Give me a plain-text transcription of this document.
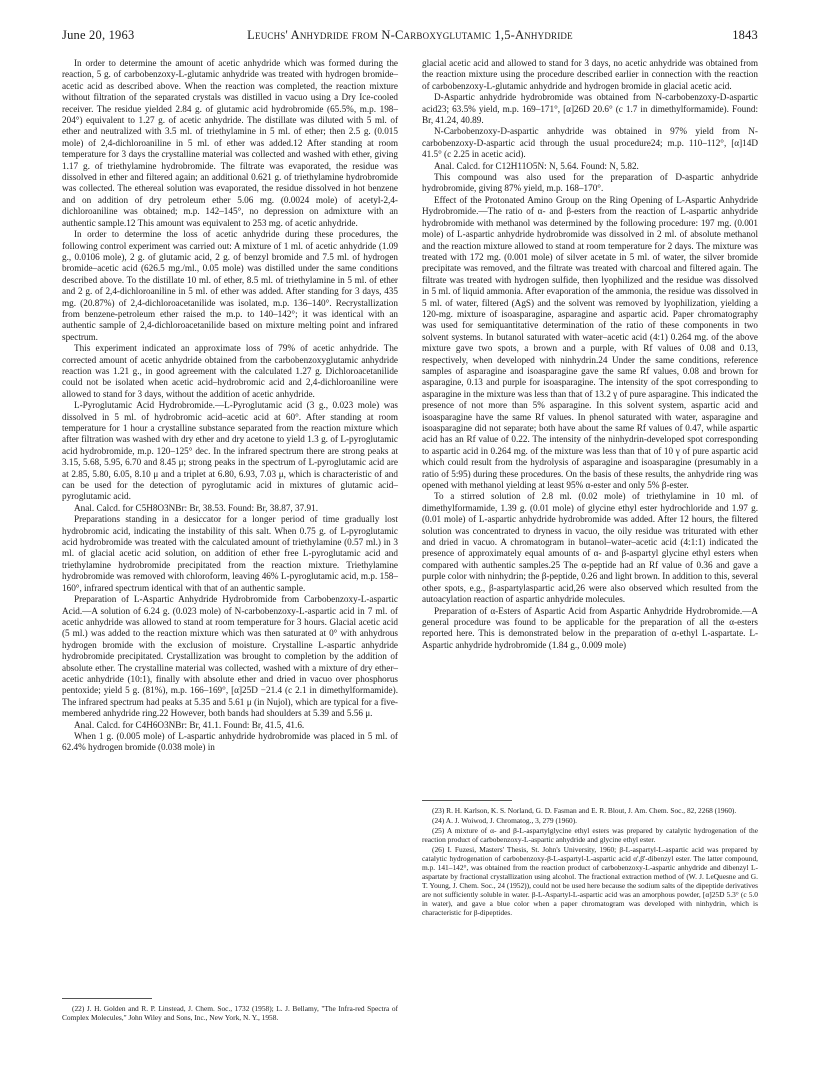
June 20, 1963	Leuchs' Anhydride from N-Carboxyglutamic 1,5-Anhydride	1843

In order to determine the amount of acetic anhydride which was formed during the reaction, 5 g. of carbobenzoxy-L-glutamic anhydride was treated with hydrogen bromide–acetic acid as described above. When the reaction was completed, the reaction mixture without filtration of the separated crystals was distilled in vacuo using a Dry Ice-cooled receiver. The residue yielded 2.84 g. of glutamic acid hydrobromide (65.5%, m.p. 198–204°) equivalent to 1.27 g. of acetic anhydride. The distillate was diluted with 5 ml. of ether and neutralized with 3.5 ml. of triethylamine in 5 ml. of ether; then 2.5 g. (0.015 mole) of 2,4-dichloroaniline in 5 ml. of ether was added.12 After standing at room temperature for 3 days the crystalline material was collected and washed with ether, giving 1.17 g. of triethylamine hydrobromide. The filtrate was evaporated, the residue was dissolved in ether and filtered again; an additional 0.621 g. of triethylamine hydrobromide was collected. The ethereal solution was evaporated, the residue dissolved in hot benzene and on addition of dry petroleum ether 5.06 mg. (0.0024 mole) of acetyl-2,4-dichloroaniline was obtained; m.p. 142–145°, no depression on admixture with an authentic sample.12 This amount was equivalent to 253 mg. of acetic anhydride.

In order to determine the loss of acetic anhydride during these procedures, the following control experiment was carried out: A mixture of 1 ml. of acetic anhydride (1.09 g., 0.0106 mole), 2 g. of glutamic acid, 2 g. of benzyl bromide and 7.5 ml. of hydrogen bromide–acetic acid (626.5 mg./ml., 0.05 mole) was distilled under the same conditions described above. To the distillate 10 ml. of ether, 8.5 ml. of triethylamine in 5 ml. of ether and 2 g. of 2,4-dichloroaniline in 5 ml. of ether was added. After standing for 3 days, 435 mg. (20.87%) of 2,4-dichloroacetanilide was isolated, m.p. 136–140°. Recrystallization from benzene-petroleum ether raised the m.p. to 140–142°; it was identical with an authentic sample of 2,4-dichloroacetanilide based on mixture melting point and infrared spectrum.

This experiment indicated an approximate loss of 79% of acetic anhydride. The corrected amount of acetic anhydride obtained from the carbobenzoxyglutamic anhydride reaction was 1.21 g., in good agreement with the calculated 1.27 g. Dichloroacetanilide could not be isolated when acetic acid–hydrobromic acid and 2,4-dichloroaniline were allowed to stand for 3 days, without the addition of acetic anhydride.

L-Pyroglutamic Acid Hydrobromide.—L-Pyroglutamic acid (3 g., 0.023 mole) was dissolved in 5 ml. of hydrobromic acid–acetic acid at 60°. After standing at room temperature for 1 hour a crystalline substance separated from the reaction mixture which after filtration was washed with dry ether and dry acetone to yield 1.3 g. of L-pyroglutamic acid hydrobromide, m.p. 120–125° dec. In the infrared spectrum there are strong peaks at 3.15, 5.68, 5.95, 6.70 and 8.45 μ; strong peaks in the spectrum of L-pyroglutamic acid are at 2.85, 5.80, 6.05, 8.10 μ and a triplet at 6.80, 6.93, 7.03 μ, which is characteristic of and can be used for the detection of pyroglutamic acid in mixtures of glutamic acid–pyroglutamic acid.

Anal. Calcd. for C5H8O3NBr: Br, 38.53. Found: Br, 38.87, 37.91.

Preparations standing in a desiccator for a longer period of time gradually lost hydrobromic acid, indicating the instability of this salt. When 0.75 g. of L-pyroglutamic acid hydrobromide was treated with the calculated amount of triethylamine (0.57 ml.) in 3 ml. of glacial acetic acid solution, on addition of ether free L-pyroglutamic acid and triethylamine hydrobromide precipitated from the reaction mixture. Triethylamine hydrobromide was removed with chloroform, leaving 46% L-pyroglutamic acid, m.p. 158–160°, infrared spectrum identical with that of an authentic sample.

Preparation of L-Aspartic Anhydride Hydrobromide from Carbobenzoxy-L-aspartic Acid.—A solution of 6.24 g. (0.023 mole) of N-carbobenzoxy-L-aspartic acid in 7 ml. of acetic anhydride was allowed to stand at room temperature for 3 hours. Glacial acetic acid (5 ml.) was added to the reaction mixture which was then saturated at 0° with anhydrous hydrogen bromide with the exclusion of moisture. Crystalline L-aspartic anhydride hydrobromide precipitated. Crystallization was brought to completion by the addition of absolute ether. The crystalline material was collected, washed with a mixture of dry ether–acetic anhydride (10:1), finally with absolute ether and dried in vacuo over phosphorus pentoxide; yield 5 g. (81%), m.p. 166–169°, [α]25D −21.4 (c 2.1 in dimethylformamide). The infrared spectrum had peaks at 5.35 and 5.61 μ (in Nujol), which are typical for a five-membered anhydride ring.22 However, both bands had shoulders at 5.39 and 5.56 μ.

Anal. Calcd. for C4H6O3NBr: Br, 41.1. Found: Br, 41.5, 41.6.

When 1 g. (0.005 mole) of L-aspartic anhydride hydrobromide was placed in 5 ml. of 62.4% hydrogen bromide (0.038 mole) in

glacial acetic acid and allowed to stand for 3 days, no acetic anhydride was obtained from the reaction mixture using the procedure described earlier in connection with the reaction of carbobenzoxy-L-glutamic anhydride and hydrogen bromide in glacial acetic acid.

D-Aspartic anhydride hydrobromide was obtained from N-carbobenzoxy-D-aspartic acid23; 63.5% yield, m.p. 169–171°, [α]26D 20.6° (c 1.7 in dimethylformamide). Found: Br, 41.24, 40.89.

N-Carbobenzoxy-D-aspartic anhydride was obtained in 97% yield from N-carbobenzoxy-D-aspartic acid through the usual procedure24; m.p. 110–112°, [α]14D 41.5° (c 2.25 in acetic acid).

Anal. Calcd. for C12H11O5N: N, 5.64. Found: N, 5.82.

This compound was also used for the preparation of D-aspartic anhydride hydrobromide, giving 87% yield, m.p. 168–170°.

Effect of the Protonated Amino Group on the Ring Opening of L-Aspartic Anhydride Hydrobromide.—The ratio of α- and β-esters from the reaction of L-aspartic anhydride hydrobromide with methanol was determined by the following procedure: 197 mg. (0.001 mole) of L-aspartic anhydride hydrobromide was dissolved in 2 ml. of absolute methanol and the reaction mixture allowed to stand at room temperature for 2 days. The mixture was treated with 172 mg. (0.001 mole) of silver acetate in 5 ml. of water, the silver bromide precipitate was removed, and the filtrate was treated with charcoal and filtered again. The filtrate was treated with hydrogen sulfide, then lyophilized and the residue was dissolved in 5 ml. of liquid ammonia. After evaporation of the ammonia, the residue was dissolved in 5 ml. of water, filtered (AgS) and the solvent was removed by lyophilization, yielding a 120-mg. mixture of isoasparagine, asparagine and aspartic acid. Paper chromatography was used for semiquantitative determination of the ratio of these components in two solvent systems. In butanol saturated with water–acetic acid (4:1) 0.264 mg. of the above mixture gave two spots, a brown and a purple, with Rf values of 0.08 and 0.13, respectively, when developed with ninhydrin.24 Under the same conditions, reference samples of asparagine and isoasparagine gave the same Rf values, 0.08 and brown for asparagine, 0.13 and purple for isoasparagine. The intensity of the spot corresponding to asparagine in the mixture was less than that of 13.2 γ of pure asparagine. This indicated the presence of not more than 5% asparagine. In this solvent system, aspartic acid and isoasparagine have the same Rf values. In phenol saturated with water, asparagine and isoasparagine did not separate; both have about the same Rf values of 0.47, while aspartic acid has an Rf value of 0.22. The intensity of the ninhydrin-developed spot corresponding to aspartic acid in 0.264 mg. of the mixture was less than that of 10 γ of pure aspartic acid which could result from the hydrolysis of asparagine and isoasparagine (presumably in a ratio of 5:95) during these procedures. On the basis of these results, the anhydride ring was opened with methanol yielding at least 95% α-ester and only 5% β-ester.

To a stirred solution of 2.8 ml. (0.02 mole) of triethylamine in 10 ml. of dimethylformamide, 1.39 g. (0.01 mole) of glycine ethyl ester hydrochloride and 1.97 g. (0.01 mole) of L-aspartic anhydride hydrobromide was added. After 12 hours, the filtered solution was concentrated to dryness in vacuo, the oily residue was triturated with ether and dried in vacuo. A chromatogram in butanol–water–acetic acid (4:1:1) indicated the presence of approximately equal amounts of α- and β-aspartyl glycine ethyl esters when compared with authentic samples.25 The α-peptide had an Rf value of 0.36 and gave a purple color with ninhydrin; the β-peptide, 0.26 and light brown. In addition to this, several other spots, e.g., β-aspartylaspartic acid,26 were also observed which resulted from the autoacylation reaction of aspartic anhydride molecules.

Preparation of α-Esters of Aspartic Acid from Aspartic Anhydride Hydrobromide.—A general procedure was found to be applicable for the preparation of all the α-esters reported here. This is demonstrated below in the preparation of α-ethyl L-aspartate. L-Aspartic anhydride hydrobromide (1.84 g., 0.009 mole)

(22) J. H. Golden and R. P. Linstead, J. Chem. Soc., 1732 (1958); L. J. Bellamy, "The Infra-red Spectra of Complex Molecules," John Wiley and Sons, Inc., New York, N. Y., 1958.

(23) R. H. Karlson, K. S. Norland, G. D. Fasman and E. R. Blout, J. Am. Chem. Soc., 82, 2268 (1960).

(24) A. J. Woiwod, J. Chromatog., 3, 279 (1960).

(25) A mixture of α- and β-L-aspartylglycine ethyl esters was prepared by catalytic hydrogenation of the reaction product of carbobenzoxy-L-aspartic anhydride and glycine ethyl ester.

(26) I. Fuzesi, Masters' Thesis, St. John's University, 1960; β-L-aspartyl-L-aspartic acid was prepared by catalytic hydrogenation of carbobenzoxy-β-L-aspartyl-L-aspartic acid α',β'-dibenzyl ester. The latter compound, m.p. 141–142°, was obtained from the reaction product of carbobenzoxy-L-aspartic anhydride and dibenzyl L-aspartate by fractional crystallization using alcohol. The fractional extraction method of (W. J. LeQuesne and G. T. Young, J. Chem. Soc., 24 (1952)), could not be used here because the sodium salts of the dipeptide derivatives are not sufficiently soluble in water. β-L-Aspartyl-L-aspartic acid was an amorphous powder, [α]25D 5.3° (c 5.0 in water), and gave a blue color when a paper chromatogram was developed with ninhydrin, which is characteristic for β-dipeptides.
